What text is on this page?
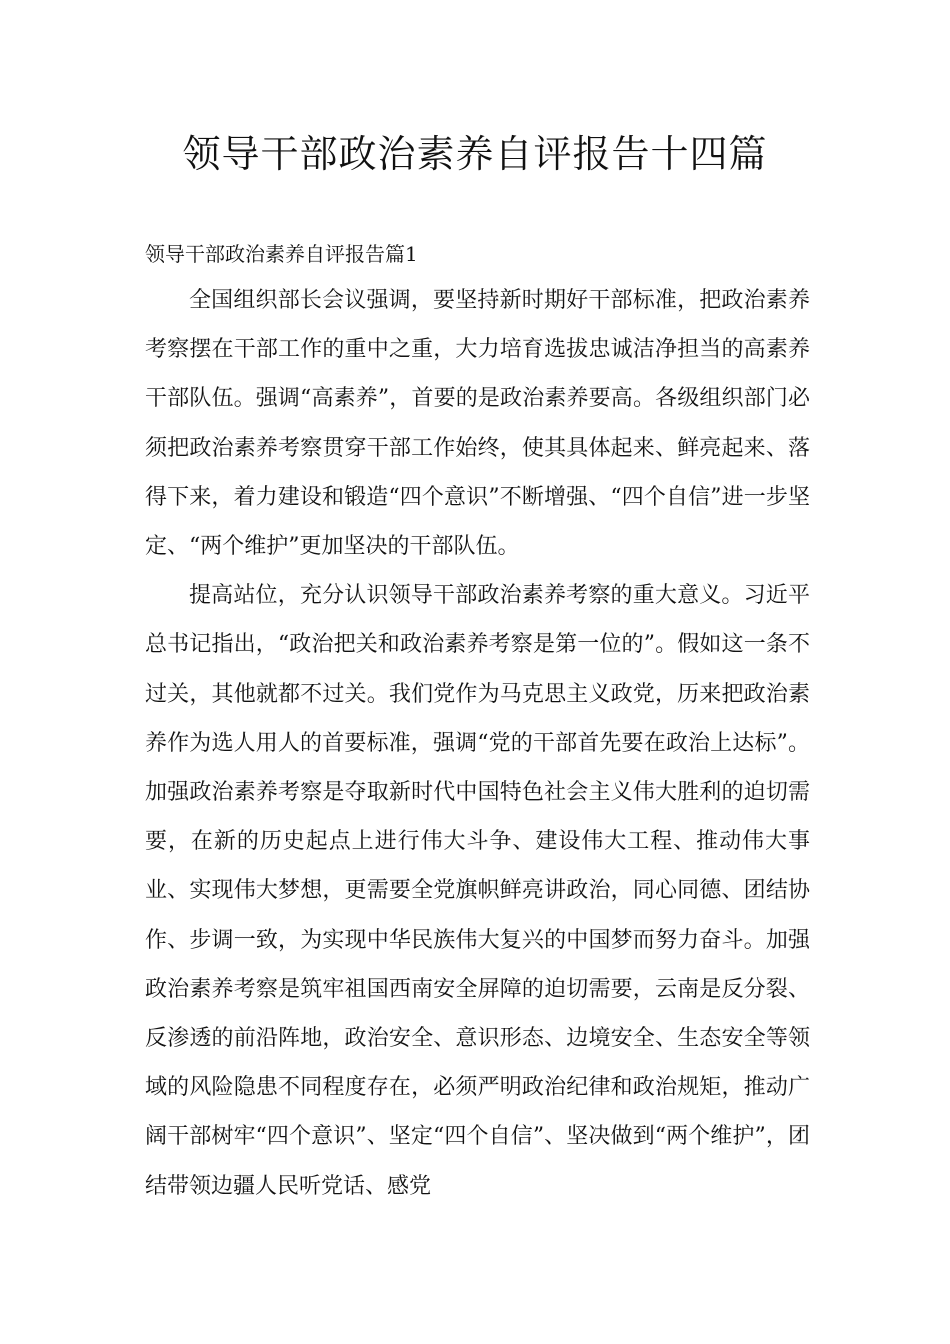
领导干部政治素养自评报告十四篇
领导干部政治素养自评报告篇1

全国组织部长会议强调，要坚持新时期好干部标准，把政治素养考察摆在干部工作的重中之重，大力培育选拔忠诚洁净担当的高素养干部队伍。强调“高素养”，首要的是政治素养要高。各级组织部门必须把政治素养考察贯穿干部工作始终，使其具体起来、鲜亮起来、落得下来，着力建设和锻造“四个意识”不断增强、“四个自信”进一步坚定、“两个维护”更加坚决的干部队伍。

提高站位，充分认识领导干部政治素养考察的重大意义。习近平总书记指出，“政治把关和政治素养考察是第一位的”。假如这一条不过关，其他就都不过关。我们党作为马克思主义政党，历来把政治素养作为选人用人的首要标准，强调“党的干部首先要在政治上达标”。加强政治素养考察是夺取新时代中国特色社会主义伟大胜利的迫切需要，在新的历史起点上进行伟大斗争、建设伟大工程、推动伟大事业、实现伟大梦想，更需要全党旗帜鲜亮讲政治，同心同德、团结协作、步调一致，为实现中华民族伟大复兴的中国梦而努力奋斗。加强政治素养考察是筑牢祖国西南安全屏障的迫切需要，云南是反分裂、反渗透的前沿阵地，政治安全、意识形态、边境安全、生态安全等领域的风险隐患不同程度存在，必须严明政治纪律和政治规矩，推动广阔干部树牢“四个意识”、坚定“四个自信”、坚决做到“两个维护”，团结带领边疆人民听党话、感党
